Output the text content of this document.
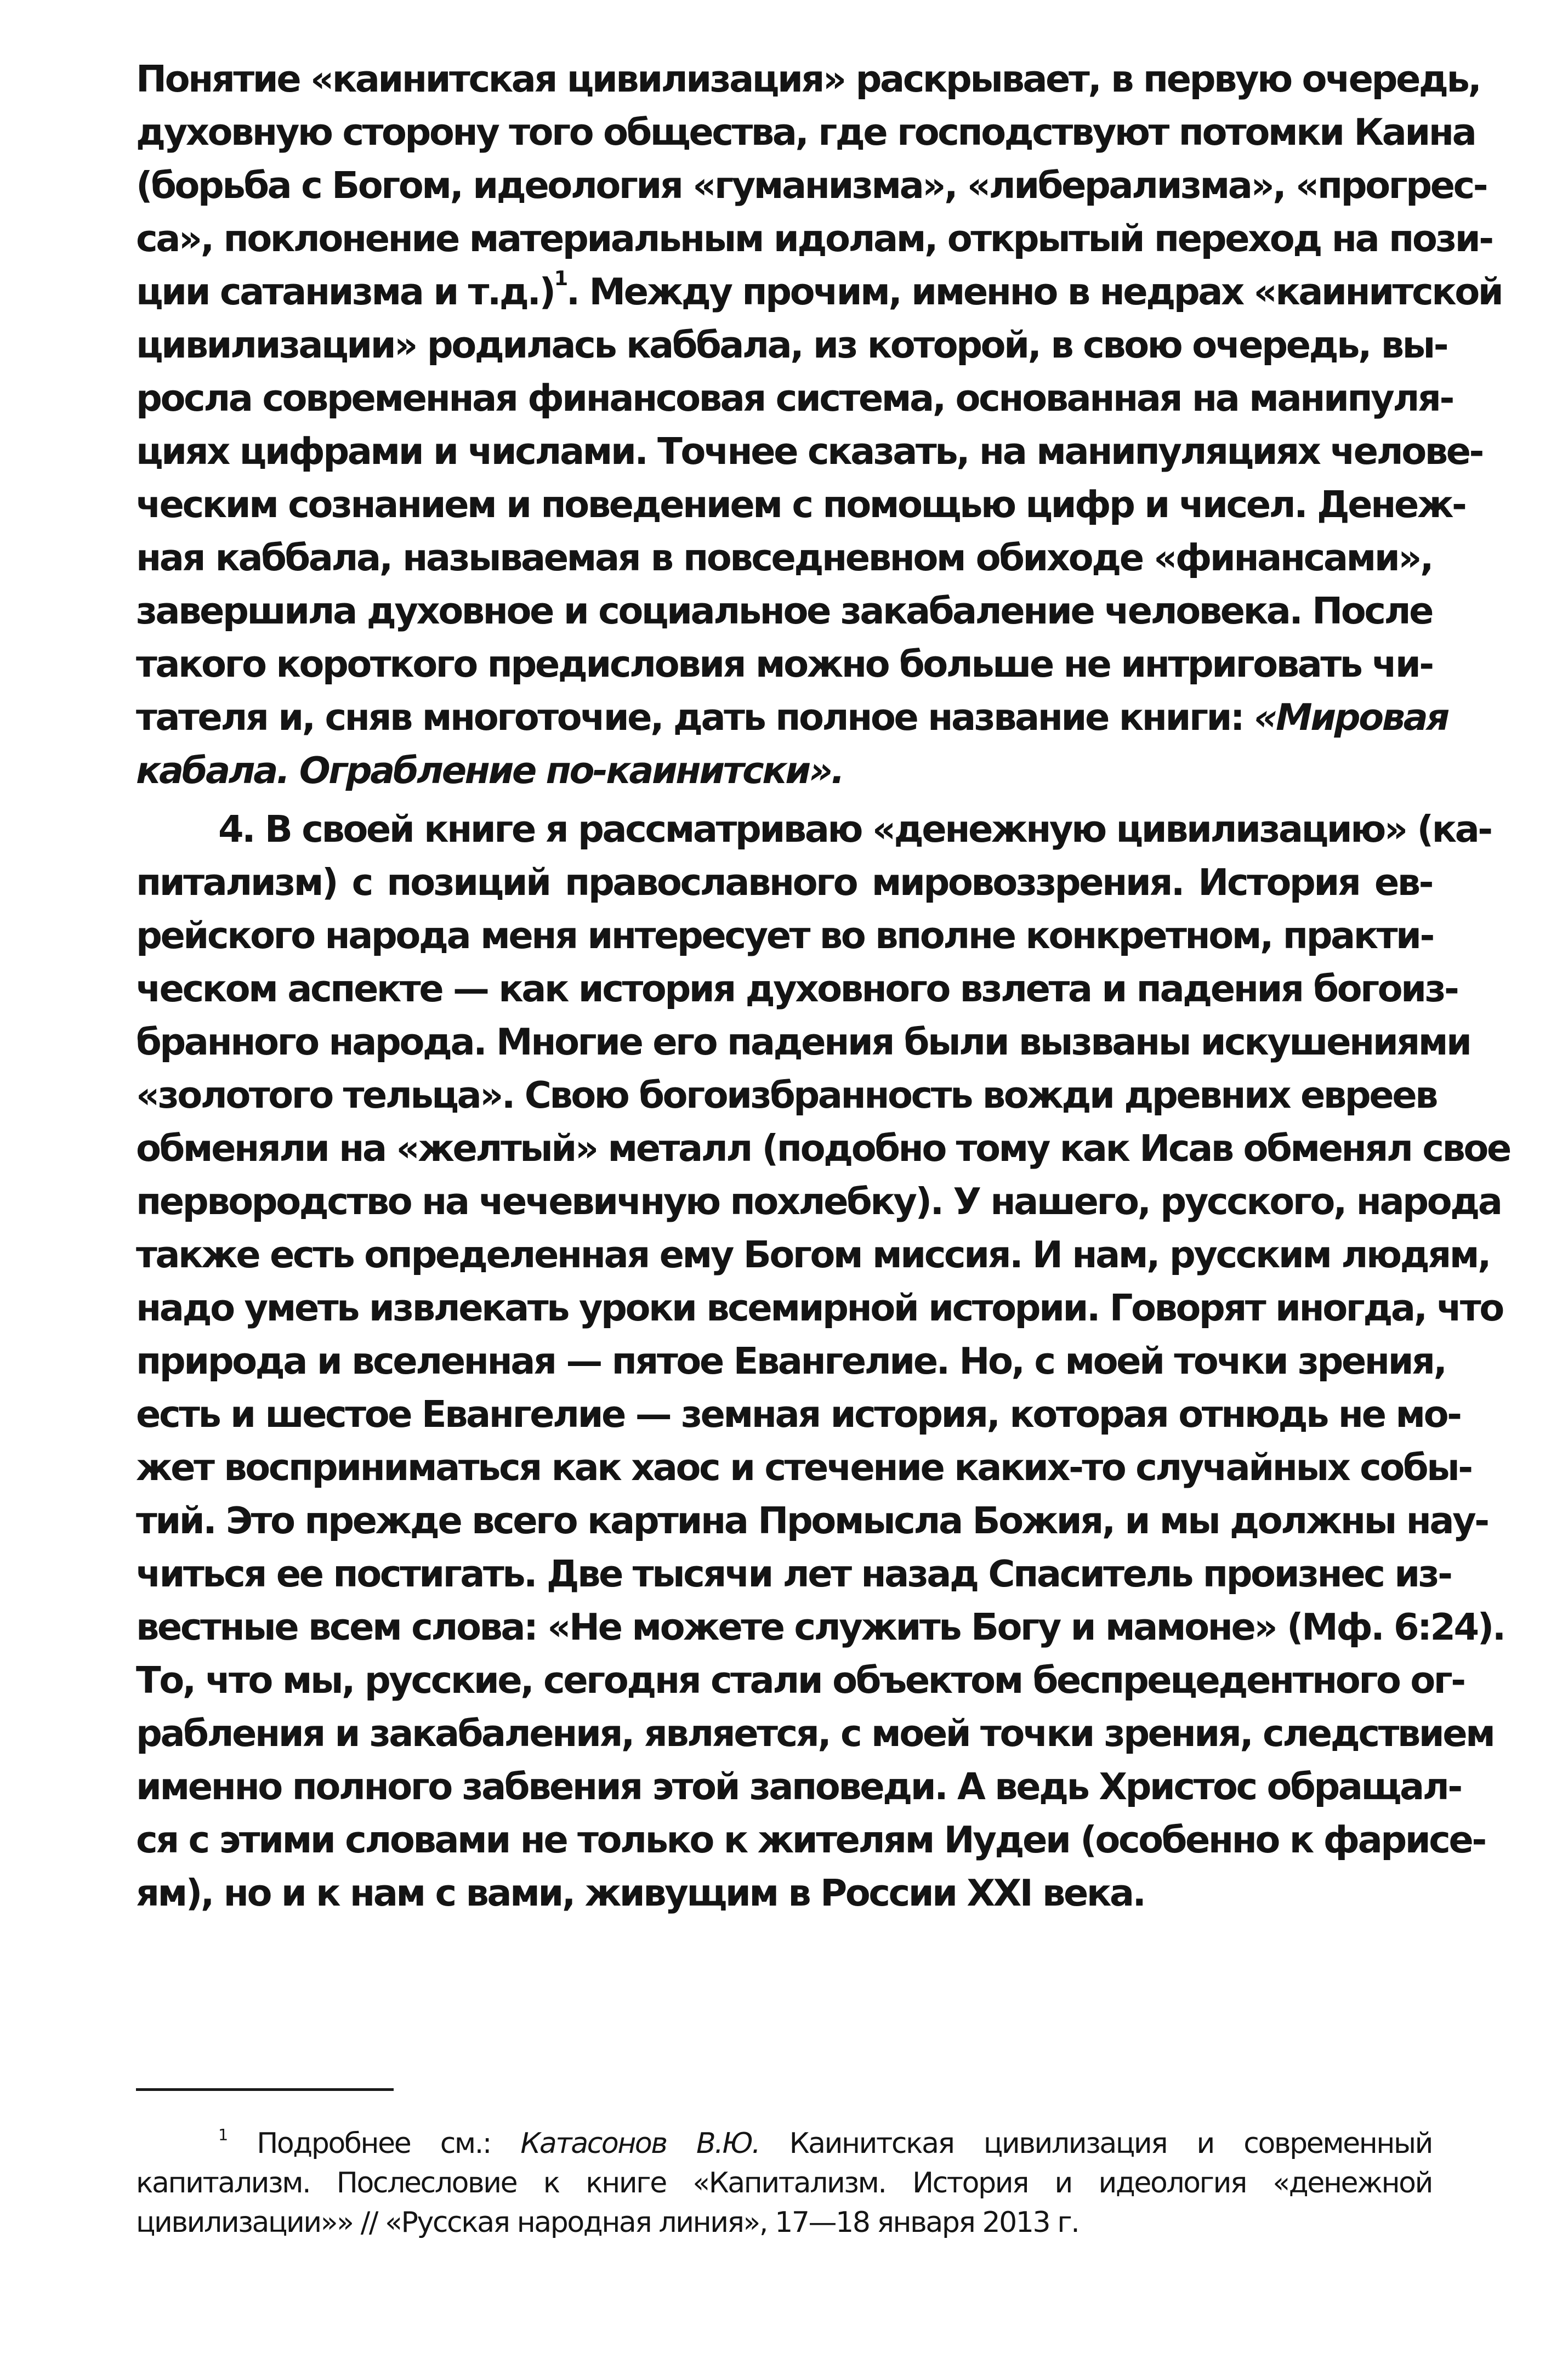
Понятие «каинитская цивилизация» раскрывает, в первую очередь,
духовную сторону того общества, где господствуют потомки Каина
(борьба с Богом, идеология «гуманизма», «либерализма», «прогрес-
са», поклонение материальным идолам, открытый переход на пози-
ции сатанизма и т.д.)$^1$. Между прочим, именно в недрах «каинитской
цивилизации» родилась каббала, из которой, в свою очередь, вы-
росла современная финансовая система, основанная на манипуля-
циях цифрами и числами. Точнее сказать, на манипуляциях челове-
ческим сознанием и поведением с помощью цифр и чисел. Денеж-
ная каббала, называемая в повседневном обиходе «финансами»,
завершила духовное и социальное закабаление человека. После
такого короткого предисловия можно больше не интриговать чи-
тателя и, сняв многоточие, дать полное название книги: «Мировая
кабала. Ограбление по-каинитски».
4. В своей книге я рассматриваю «денежную цивилизацию» (ка-
питализм) с позиций православного мировоззрения. История ев-
рейского народа меня интересует во вполне конкретном, практи-
ческом аспекте — как история духовного взлета и падения богоиз-
бранного народа. Многие его падения были вызваны искушениями
«золотого тельца». Свою богоизбранность вожди древних евреев
обменяли на «желтый» металл (подобно тому как Исав обменял свое
первородство на чечевичную похлебку). У нашего, русского, народа
также есть определенная ему Богом миссия. И нам, русским людям,
надо уметь извлекать уроки всемирной истории. Говорят иногда, что
природа и вселенная — пятое Евангелие. Но, с моей точки зрения,
есть и шестое Евангелие — земная история, которая отнюдь не мо-
жет восприниматься как хаос и стечение каких-то случайных собы-
тий. Это прежде всего картина Промысла Божия, и мы должны нау-
читься ее постигать. Две тысячи лет назад Спаситель произнес из-
вестные всем слова: «Не можете служить Богу и мамоне» (Мф. 6:24).
То, что мы, русские, сегодня стали объектом беспрецедентного ог-
рабления и закабаления, является, с моей точки зрения, следствием
именно полного забвения этой заповеди. А ведь Христос обращал-
ся с этими словами не только к жителям Иудеи (особенно к фарисе-
ям), но и к нам с вами, живущим в России XXI века.
$^1$ Подробнее см.: Катасонов В.Ю. Каинитская цивилизация и современный
капитализм. Послесловие к книге «Капитализм. История и идеология «денежной
цивилизации»» // «Русская народная линия», 17—18 января 2013 г.
